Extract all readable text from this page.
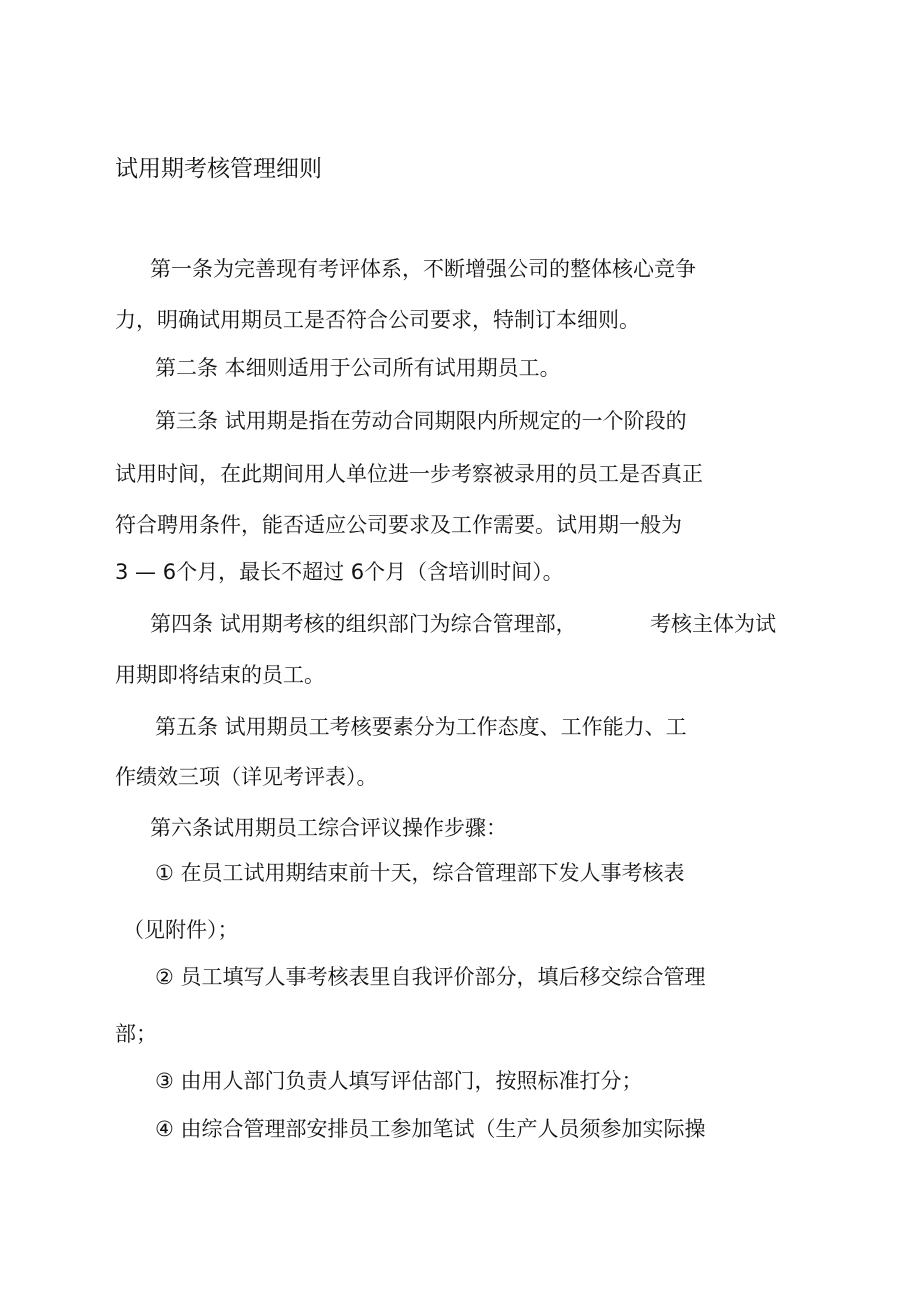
试用期考核管理细则
第一条为完善现有考评体系，不断增强公司的整体核心竞争
力，明确试用期员工是否符合公司要求，特制订本细则。
第二条 本细则适用于公司所有试用期员工。
第三条 试用期是指在劳动合同期限内所规定的一个阶段的
试用时间，在此期间用人单位进一步考察被录用的员工是否真正
符合聘用条件，能否适应公司要求及工作需要。试用期一般为
3 — 6个月，最长不超过 6个月（含培训时间）。
第四条 试用期考核的组织部门为综合管理部，	考核主体为试
用期即将结束的员工。
第五条 试用期员工考核要素分为工作态度、工作能力、工
作绩效三项（详见考评表）。
第六条试用期员工综合评议操作步骤：
① 在员工试用期结束前十天，综合管理部下发人事考核表
（见附件）；
② 员工填写人事考核表里自我评价部分，填后移交综合管理
部；
③ 由用人部门负责人填写评估部门，按照标准打分；
④ 由综合管理部安排员工参加笔试（生产人员须参加实际操
